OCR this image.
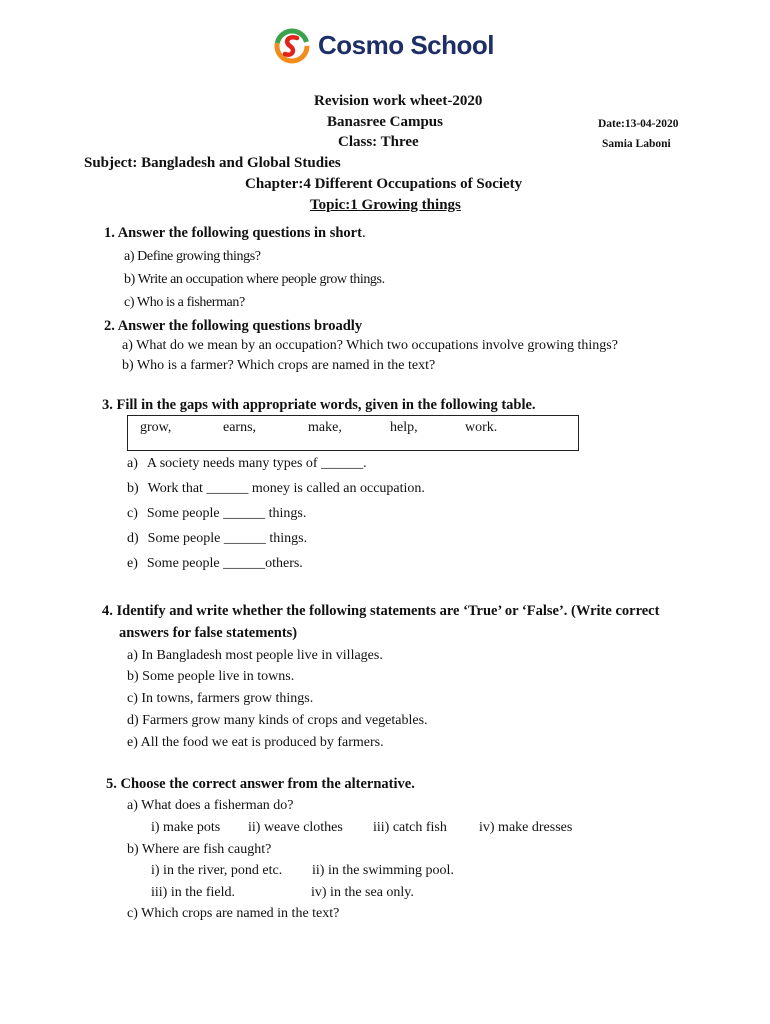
Cosmo School
Revision work wheet-2020
Banasree Campus
Class: Three
Date:13-04-2020
Samia Laboni
Subject: Bangladesh and Global Studies
Chapter:4 Different Occupations of Society
Topic:1 Growing things
1. Answer the following questions in short.
a) Define growing things?
b) Write an occupation where people grow things.
c) Who is a fisherman?
2. Answer the following questions broadly
a) What do we mean by an occupation? Which two occupations involve growing things?
b) Who is a farmer? Which crops are named in the text?
3. Fill in the gaps with appropriate words, given in the following table.
grow,	earns,	make,	help,	work.
a) A society needs many types of ______.
b) Work that ______ money is called an occupation.
c) Some people ______ things.
d) Some people ______ things.
e) Some people ______others.
4. Identify and write whether the following statements are ‘True’ or ‘False’. (Write correct
answers for false statements)
a) In Bangladesh most people live in villages.
b) Some people live in towns.
c) In towns, farmers grow things.
d) Farmers grow many kinds of crops and vegetables.
e) All the food we eat is produced by farmers.
5. Choose the correct answer from the alternative.
a) What does a fisherman do?
i) make pots ii) weave clothes iii) catch fish iv) make dresses
b) Where are fish caught?
i) in the river, pond etc. ii) in the swimming pool.
iii) in the field.	iv) in the sea only.
c) Which crops are named in the text?
